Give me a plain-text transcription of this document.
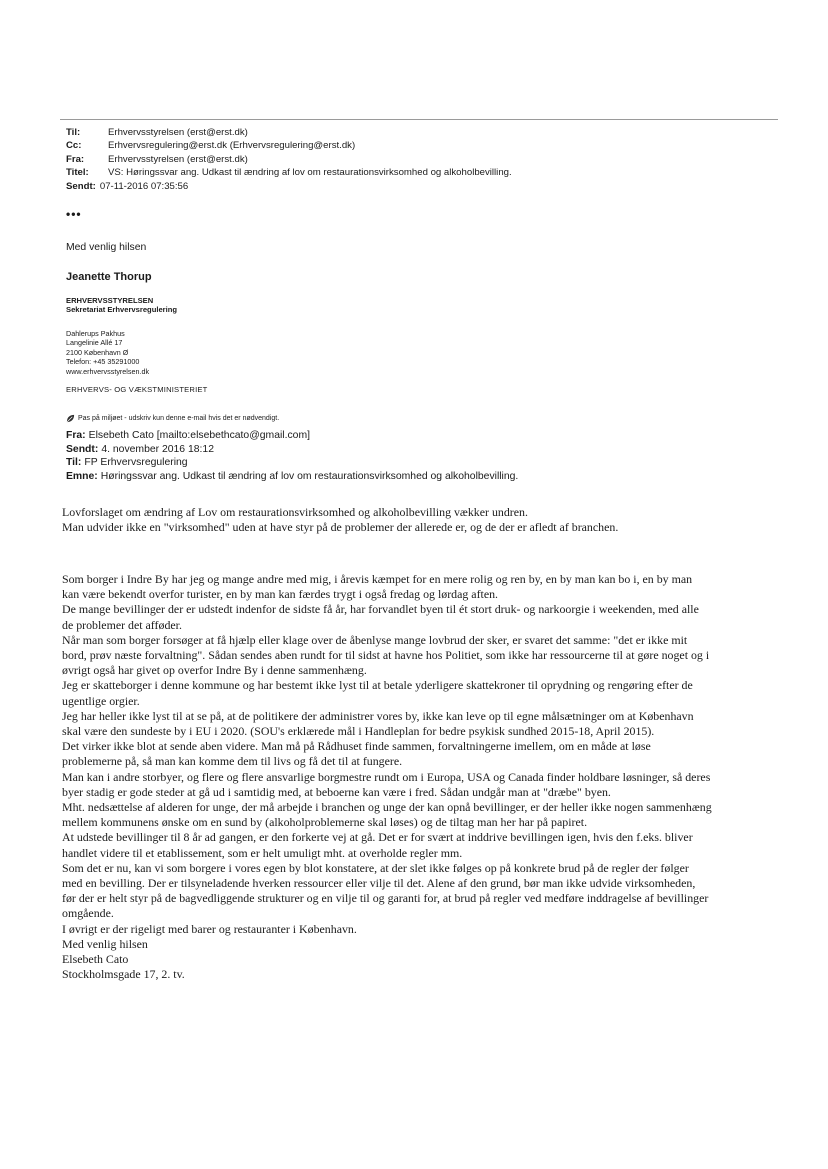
Til:	Erhvervsstyrelsen (erst@erst.dk)
Cc:	Erhvervsregulering@erst.dk (Erhvervsregulering@erst.dk)
Fra: Erhvervsstyrelsen (erst@erst.dk)
Titel: VS: Høringssvar ang. Udkast til ændring af lov om restaurationsvirksomhed og alkoholbevilling.
Sendt: 07-11-2016 07:35:56
•••
Med venlig hilsen
Jeanette Thorup
ERHVERVSSTYRELSEN
Sekretariat Erhvervsregulering
Dahlerups Pakhus
Langelinie Allé 17
2100 København Ø
Telefon: +45 35291000
www.erhvervsstyrelsen.dk
ERHVERVS- OG VÆKSTMINISTERIET
Pas på miljøet - udskriv kun denne e-mail hvis det er nødvendigt.
Fra: Elsebeth Cato [mailto:elsebethcato@gmail.com]
Sendt: 4. november 2016 18:12
Til: FP Erhvervsregulering
Emne: Høringssvar ang. Udkast til ændring af lov om restaurationsvirksomhed og alkoholbevilling.

Lovforslaget om ændring af Lov om restaurationsvirksomhed og alkoholbevilling vækker undren.

Man udvider ikke en "virksomhed" uden at have styr på de problemer der allerede er, og de der er afledt af branchen.

Som borger i Indre By har jeg og mange andre med mig, i årevis kæmpet for en mere rolig og ren by, en by man kan bo i, en by man kan være bekendt overfor turister, en by man kan færdes trygt i også fredag og lørdag aften.

De mange bevillinger der er udstedt indenfor de sidste få år, har forvandlet byen til ét stort druk- og narkoorgie i weekenden, med alle de problemer det afføder.

Når man som borger forsøger at få hjælp eller klage over de åbenlyse mange lovbrud der sker, er svaret det samme: "det er ikke mit bord, prøv næste forvaltning". Sådan sendes aben rundt for til sidst at havne hos Politiet, som ikke har ressourcerne til at gøre noget og i øvrigt også har givet op overfor Indre By i denne sammenhæng.

Jeg er skatteborger i denne kommune og har bestemt ikke lyst til at betale yderligere skattekroner til oprydning og rengøring efter de ugentlige orgier.

Jeg har heller ikke lyst til at se på, at de politikere der administrer vores by, ikke kan leve op til egne målsætninger om at København skal være den sundeste by i EU i 2020. (SOU's erklærede mål i Handleplan for bedre psykisk sundhed 2015-18, April 2015).

Det virker ikke blot at sende aben videre. Man må på Rådhuset finde sammen, forvaltningerne imellem, om en måde at løse problemerne på, så man kan komme dem til livs og få det til at fungere.

Man kan i andre storbyer, og flere og flere ansvarlige borgmestre rundt om i Europa, USA og Canada finder holdbare løsninger, så deres byer stadig er gode steder at gå ud i samtidig med, at beboerne kan være i fred. Sådan undgår man at "dræbe" byen.

Mht. nedsættelse af alderen for unge, der må arbejde i branchen og unge der kan opnå bevillinger, er der heller ikke nogen sammenhæng mellem kommunens ønske om en sund by (alkoholproblemerne skal løses) og de tiltag man her har på papiret.

At udstede bevillinger til 8 år ad gangen, er den forkerte vej at gå. Det er for svært at inddrive bevillingen igen, hvis den f.eks. bliver handlet videre til et etablissement, som er helt umuligt mht. at overholde regler mm.

Som det er nu, kan vi som borgere i vores egen by blot konstatere, at der slet ikke følges op på konkrete brud på de regler der følger med en bevilling. Der er tilsyneladende hverken ressourcer eller vilje til det. Alene af den grund, bør man ikke udvide virksomheden, før der er helt styr på de bagvedliggende strukturer og en vilje til og garanti for, at brud på regler ved medføre inddragelse af bevillinger omgående.

I øvrigt er der rigeligt med barer og restauranter i København.

Med venlig hilsen

Elsebeth Cato

Stockholmsgade 17, 2. tv.
